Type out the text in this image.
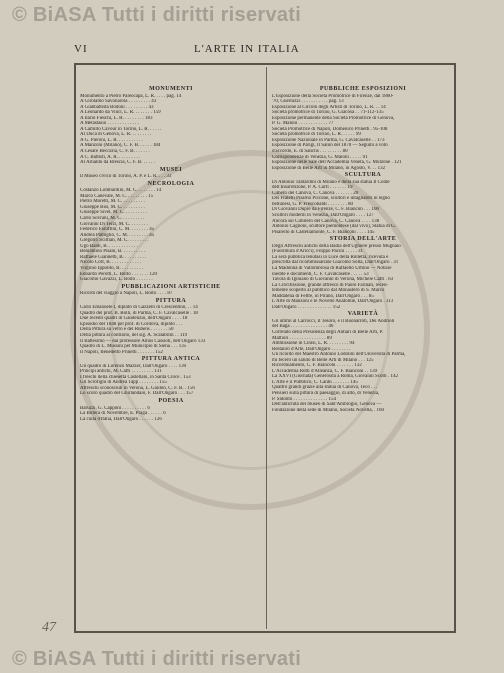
© BiASA Tutti i diritti riservati
VI	L'ARTE IN ITALIA
MONUMENTI
Monumento a Pietro Paleocapa, L. R. . . . . pag. 14
A Girolamo Savonarola . . . . . . . . . 43
A Gianbattista Bodoni . . . . . . . . . 43
A Leonardo da Vinci, L. R. . . . . . . . 159
A Ilario Fieschi, L. R. . . . . . . . . 183
A Metastasio . . . . . . . . . . . . .
A Camillo Cavour in Torino, L. R. . . . . .
Al Duca di Genova, L. R. . . . . . . . .
A G. Pieroni, L. R. . . . . . . . . . .
A Manzoni (Milano), C. F. B. . . . . . 184
A Cesare Beccaria, C. F. B. . . . . . .
A C. Battisti, A. R. . . . . . . . . .
Al Arnaldo da Brescia, C. F. B. . . . . .
MUSEI
Il Museo civico di Torino, A. P. e L. R. . . . 33
NECROLOGIA
Costanzo Lombardini, M. C. . . . . . . . 14
Marco Canevale, M. C. . . . . . . . . 15
Pietro Moretti, M. C. . . . . . . . . .
Giuseppe Bisi, M. C. . . . . . . . . .
Giuseppe Sivel, M. C. . . . . . . . . .
Carlo Sovrani, M. C. . . . . . . . . .
Giovanni Di Terzi, M. C. . . . . . . .
Federico Faruffini, C. M. . . . . . . . 45
Andrea Pattoglio, C. M. . . . . . . . . 45
Gregorio Sciltian, M. C. . . . . . . . .
Ugo Baldi, B. . . . . . . . . . . . .
Beniamino Pisani, B. . . . . . . . . .
Raffaele Giannetti, B. . . . . . . . . .
Nicolò Cort, B. . . . . . . . . . . . .
Virginio Ippolito, B. . . . . . . . . .
Edoardo Perotti, L. Boito . . . . . . . 120
Giacomo Gavazzi, L. Boito . . . . . . .
PUBBLICAZIONI ARTISTICHE
Ricordi del viaggio a Napoli, L. Boito . . . . 87
PITTURA
Carlo Emanuele I, dipinto di Gazzelli di Crescentino, . . 14
Quadro del prof. B. Bolli, di Parma, C. F. Cavalcaselle . 18
Due recenti quadri di Gaudenzio, dell'Ongaro . . . . 18
Episodio del 1848 pel prof. di Cordova, dipinto . . .
Della Pittura su vetro e del Rubens . . . . . . . 50
Della pittura al contrario, del sig. A. Scalabrini . . 119
Il Battesimo — dal professore Amos Cassioli, dell'Ongaro 133
Quadro di L. Mussini pel Municipio di Siena . . . 135
Il Napoli, Benedetto Prinetti . . . . . . . 152
PITTURA ANTICA
Un quadro di Lorenzo Mazzer, Dall'Ongaro . . . . 130
Principi antichi, M. Caffi . . . . . . . . . 131
I freschi della chiesetta Castellani, in Santa Croce . 153
Gli Scrofigni di Andrea Tapp . . . . . . . . 155
Affreschi sconosciuti in Verona, L. Gaidon, C. F. B. . 156
Lo scuro quadro del Ghirlandaio, F. Dall'Ongaro . . . 157
POESIA
Baruzzi, G. Capponi . . . . . . . . . . 6
La Bufera di Novembre, E. Praga . . . . . . 6
La culla d'Italia, Dall'Ongaro . . . . . . 126
PUBBLICHE ESPOSIZIONI
L'Esposizione della Società Promotrice di Firenze, dal 1860-
'70, Guerrazzi . . . . . . . . . . . pag. 13
Esposizione al Circolo degli Artisti di Torino, L. R. . . 14
Società promotrice di Torino, G. Giacosa . . 71-112-135
Esposizione permanente della Società Promotrice di Genova,
P. G. Maloni . . . . . . . . . . . . 77
Società Promotrice di Napoli, Domenico Prinetti . 95-108
Società promotrice di Torino, L. R. . . . . . 99
Esposizione Nazionale in Parma, G. Cavalcaselle . . 173
Esposizione di Parigi, Il Salon del 1870 — Seguito a voto
d'accordo, E. di Sanctis . . . . . . . . . 80
Corrispondenze di Venezia, G. Maloni . . . . . 91
Esposizione nelle Sale dell'Accademia Veneta, G. Mulzone . 121
Esposizione di Belle Arti in Milano, in Agosto, V. . . 132
SCULTURA
Di Antonio Tantardini di Milano e della sua statua Il Conte
dell'Insurrezione, P. A. Curti . . . . . . . 19
Cimelli del Canova, C. Canova . . . . . . . 20
Dei Fratelli Pisarno Piccone, scultori e intagliatori in legno
bellunesi, G. P. Frescobaldi . . . . . . . . 80
Di Giovanni Dupré da Firenze, C. F. Biancon . . . 100
Scultori moderni in Venezia, Dall'Ongaro . . . . 127
Ancora sul Cimitero del Canova, C. Canova . . . . 138
Antonio Cagnoni, scultore piemontese (dal vivo), Statua di G.
Pisarello di Castellamonte, C. F. Bianconi . . . . 145
STORIA DELL'ARTE
Degli Affreschi antichi della Badia dell'Ughiere presso Mugnaio
(Fuorimura d'Aricci), Filippo Pacini . . . . . 31
La sera pubblica tenutasi in Luce della Rolletta, ricevuta e
prescritta dal ricommissariato Giacomo Solla, Dall'Ongaro . 31
La Madonna di Vallombrosa di Raffaello Urbino — Notizie
inedite e documenti, C. F. Cavalcaselle . . . . . 53
Tavola di Iginiano di Giovanni di Verona, Michele Caffi . 63
La Crocifissione, grande affresco di Paolo Farinati, recen-
temente scoperto al pubblico dal Monastero di S. Marco
Maddalena di Feltre, in Pirano, Dall'Ongaro . . . 85
L'Arte di Manzoni e le Novelle Anatomie, Dall'Ongaro . 113
Dall'Ongaro . . . . . . . . . . . . . . 152
VARIETÀ
Gli ultimi al Carrocci, Il Tesoro, e il Buonarroti, Dei Andrioli
del Baga . . . . . . . . . . . . . . . 46
Correlato della Presidenza degli Antiari di Belle Arti, P.
Mattioli . . . . . . . . . . . . . . . 89
Ammissione in Cinisi, L. R. . . . . . . . . 94
Restauro d'Arte, Dall'Ongaro . . . . . . . .
Un ricordo del Maestro Antonio Lodolini dell'Università di Parma,
mi fecero un saluto di Belle Arti di Milano . . . 125
Ricordinamento, C. F. Bianconi . . . . . . . 132
L'Accademia Rotti d'Alleanza, C. F. Bianconi . . 139
La XXVI (Giornata) Generosità a Roma, Giovanni Scotti . 142
L'Arte e il Pubblico, C. Cantù . . . . . . . 145
Quattro grandi grazie alla statua di Canova, Teco . . .
Pensieri sulla pittura di paesaggio, di alto, di Venezia,
P. Sidonto . . . . . . . . . . . . . . 154
Dell'antichità del museo di Sant'Ambrogio, Genova —
Fondazione della sede di Milano, Società Novella, . 160
47
© BiASA Tutti i diritti riservati
